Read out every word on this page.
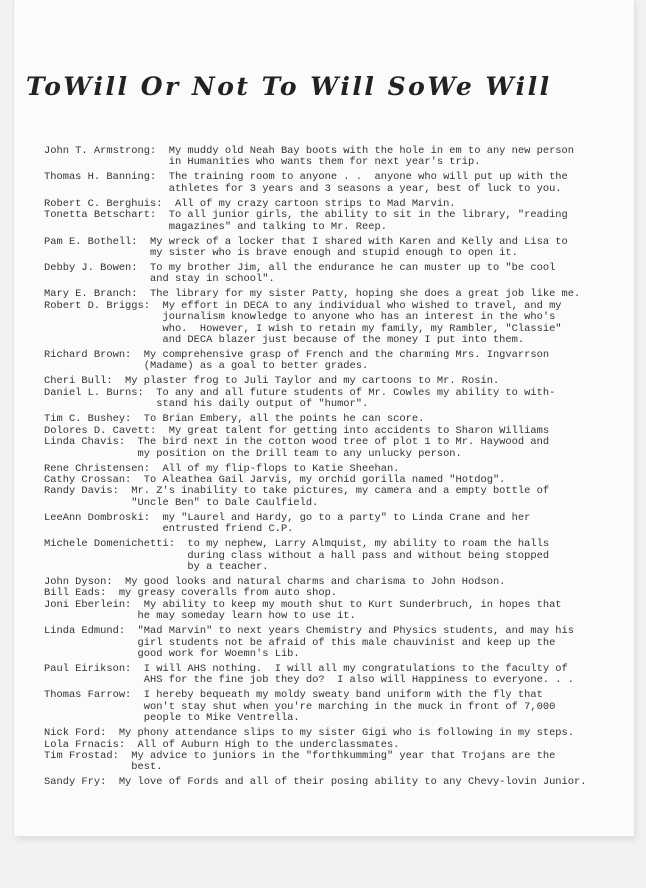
ToWill Or Not To Will SoWe Will
John T. Armstrong:  My muddy old Neah Bay boots with the hole in em to any new person
in Humanities who wants them for next year's trip.
Thomas H. Banning:  The training room to anyone . .  anyone who will put up with the
athletes for 3 years and 3 seasons a year, best of luck to you.
Robert C. Berghuis:  All of my crazy cartoon strips to Mad Marvin.
Tonetta Betschart:  To all junior girls, the ability to sit in the library, "reading
magazines" and talking to Mr. Reep.
Pam E. Bothell:  My wreck of a locker that I shared with Karen and Kelly and Lisa to
my sister who is brave enough and stupid enough to open it.
Debby J. Bowen:  To my brother Jim, all the endurance he can muster up to "be cool
and stay in school".
Mary E. Branch:  The library for my sister Patty, hoping she does a great job like me.
Robert D. Briggs:  My effort in DECA to any individual who wished to travel, and my
journalism knowledge to anyone who has an interest in the who's
who.  However, I wish to retain my family, my Rambler, "Classie"
and DECA blazer just because of the money I put into them.
Richard Brown:  My comprehensive grasp of French and the charming Mrs. Ingvarrson
(Madame) as a goal to better grades.
Cheri Bull:  My plaster frog to Juli Taylor and my cartoons to Mr. Rosin.
Daniel L. Burns:  To any and all future students of Mr. Cowles my ability to with-
stand his daily output of "humor".
Tim C. Bushey:  To Brian Embery, all the points he can score.
Dolores D. Cavett:  My great talent for getting into accidents to Sharon Williams
Linda Chavis:  The bird next in the cotton wood tree of plot 1 to Mr. Haywood and
my position on the Drill team to any unlucky person.
Rene Christensen:  All of my flip-flops to Katie Sheehan.
Cathy Crossan:  To Aleathea Gail Jarvis, my orchid gorilla named "Hotdog".
Randy Davis:  Mr. Z's inability to take pictures, my camera and a empty bottle of
"Uncle Ben" to Dale Caulfield.
LeeAnn Dombroski:  my "Laurel and Hardy, go to a party" to Linda Crane and her
entrusted friend C.P.
Michele Domenichetti:  to my nephew, Larry Almquist, my ability to roam the halls
during class without a hall pass and without being stopped
by a teacher.
John Dyson:  My good looks and natural charms and charisma to John Hodson.
Bill Eads:  my greasy coveralls from auto shop.
Joni Eberlein:  My ability to keep my mouth shut to Kurt Sunderbruch, in hopes that
he may someday learn how to use it.
Linda Edmund:  "Mad Marvin" to next years Chemistry and Physics students, and may his
girl students not be afraid of this male chauvinist and keep up the
good work for Woemn's Lib.
Paul Eirikson:  I will AHS nothing.  I will all my congratulations to the faculty of
AHS for the fine job they do?  I also will Happiness to everyone. . .
Thomas Farrow:  I hereby bequeath my moldy sweaty band uniform with the fly that
won't stay shut when you're marching in the muck in front of 7,000
people to Mike Ventrella.
Nick Ford:  My phony attendance slips to my sister Gigi who is following in my steps.
Lola Frnacis:  All of Auburn High to the underclassmates.
Tim Frostad:  My advice to juniors in the "forthkumming" year that Trojans are the
best.
Sandy Fry:  My love of Fords and all of their posing ability to any Chevy-lovin Junior.
